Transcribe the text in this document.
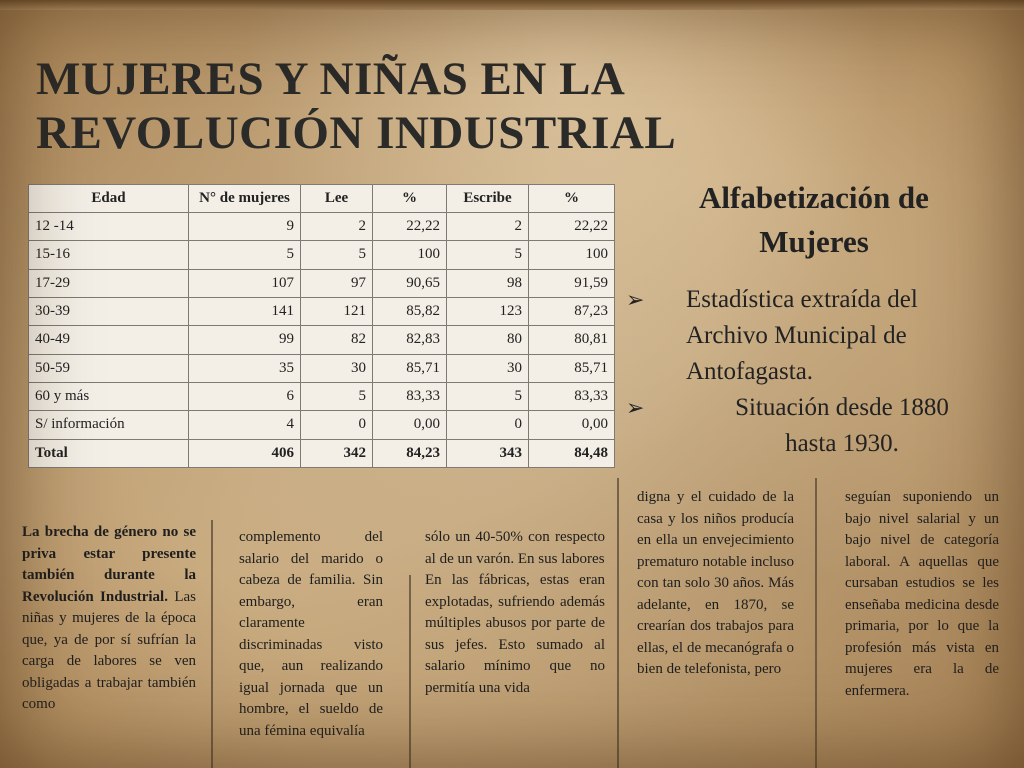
MUJERES Y NIÑAS EN LA
REVOLUCIÓN INDUSTRIAL
Edad	N° de mujeres	Lee	%	Escribe	%
12 -14	9	2	22,22	2	22,22
15-16	5	5	100	5	100
17-29	107	97	90,65	98	91,59
30-39	141	121	85,82	123	87,23
40-49	99	82	82,83	80	80,81
50-59	35	30	85,71	30	85,71
60 y más	6	5	83,33	5	83,33
S/ información	4	0	0,00	0	0,00
Total	406	342	84,23	343	84,48
Alfabetización de
Mujeres
➢	Estadística extraída del Archivo Municipal de Antofagasta.
➢	Situación desde 1880
hasta 1930.

La brecha de género no se priva estar presente también durante la Revolución Industrial. Las niñas y mujeres de la época que, ya de por sí sufrían la carga de labores se ven obligadas a trabajar también como

complemento del salario del marido o cabeza de familia. Sin embargo, eran claramente discriminadas visto que, aun realizando igual jornada que un hombre, el sueldo de una fémina equivalía

sólo un 40-50% con respecto al de un varón. En sus labores

En las fábricas, estas eran explotadas, sufriendo además múltiples abusos por parte de sus jefes. Esto sumado al salario mínimo que no permitía una vida

digna y el cuidado de la casa y los niños producía en ella un envejecimiento prematuro notable incluso con tan solo 30 años. Más adelante, en 1870, se crearían dos trabajos para ellas, el de mecanógrafa o bien de telefonista, pero

seguían suponiendo un bajo nivel salarial y un bajo nivel de categoría laboral. A aquellas que cursaban estudios se les enseñaba medicina desde primaria, por lo que la profesión más vista en mujeres era la de enfermera.
